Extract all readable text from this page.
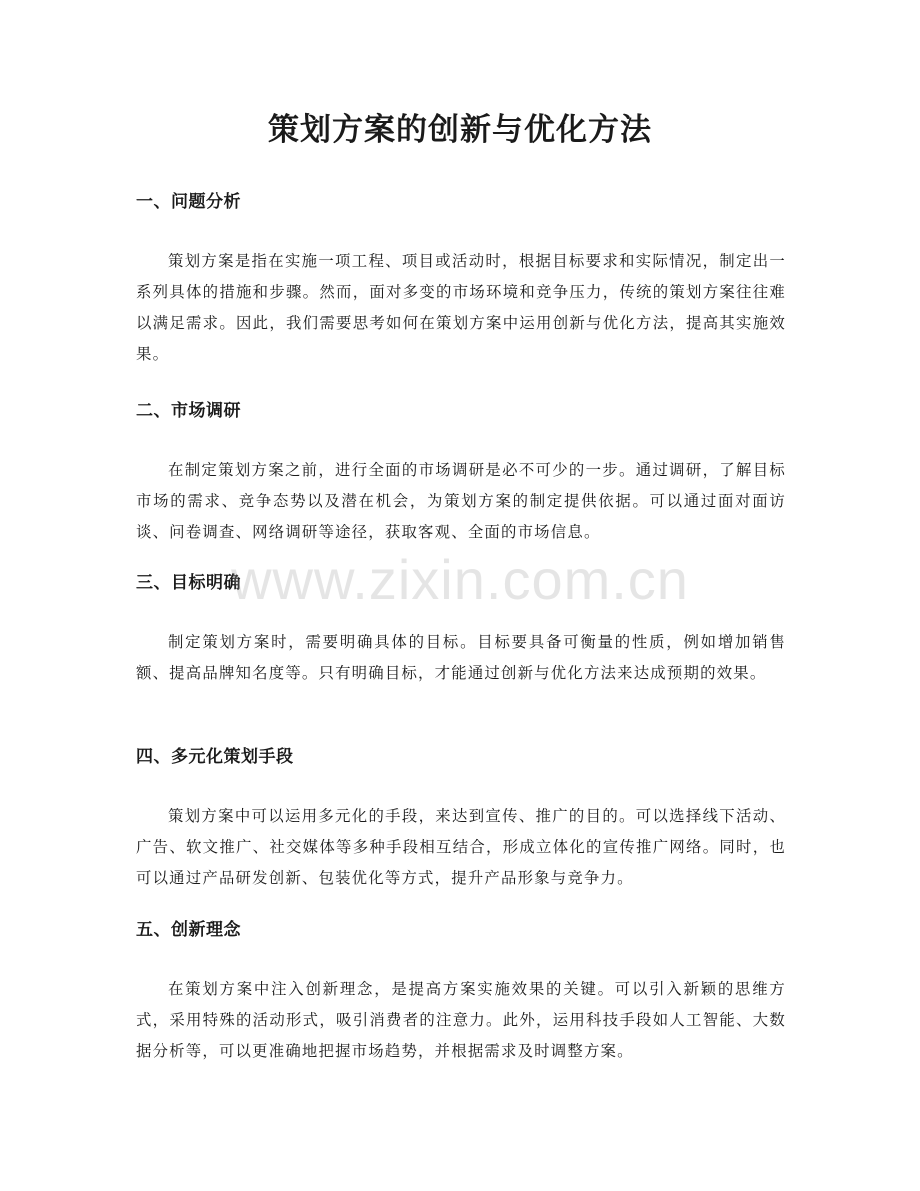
策划方案的创新与优化方法
一、问题分析

策划方案是指在实施一项工程、项目或活动时，根据目标要求和实际情况，制定出一系列具体的措施和步骤。然而，面对多变的市场环境和竞争压力，传统的策划方案往往难以满足需求。因此，我们需要思考如何在策划方案中运用创新与优化方法，提高其实施效果。

二、市场调研

在制定策划方案之前，进行全面的市场调研是必不可少的一步。通过调研，了解目标市场的需求、竞争态势以及潜在机会，为策划方案的制定提供依据。可以通过面对面访谈、问卷调查、网络调研等途径，获取客观、全面的市场信息。

三、目标明确

制定策划方案时，需要明确具体的目标。目标要具备可衡量的性质，例如增加销售额、提高品牌知名度等。只有明确目标，才能通过创新与优化方法来达成预期的效果。

四、多元化策划手段

策划方案中可以运用多元化的手段，来达到宣传、推广的目的。可以选择线下活动、广告、软文推广、社交媒体等多种手段相互结合，形成立体化的宣传推广网络。同时，也可以通过产品研发创新、包装优化等方式，提升产品形象与竞争力。

五、创新理念

在策划方案中注入创新理念，是提高方案实施效果的关键。可以引入新颖的思维方式，采用特殊的活动形式，吸引消费者的注意力。此外，运用科技手段如人工智能、大数据分析等，可以更准确地把握市场趋势，并根据需求及时调整方案。

www.zixin.com.cn
